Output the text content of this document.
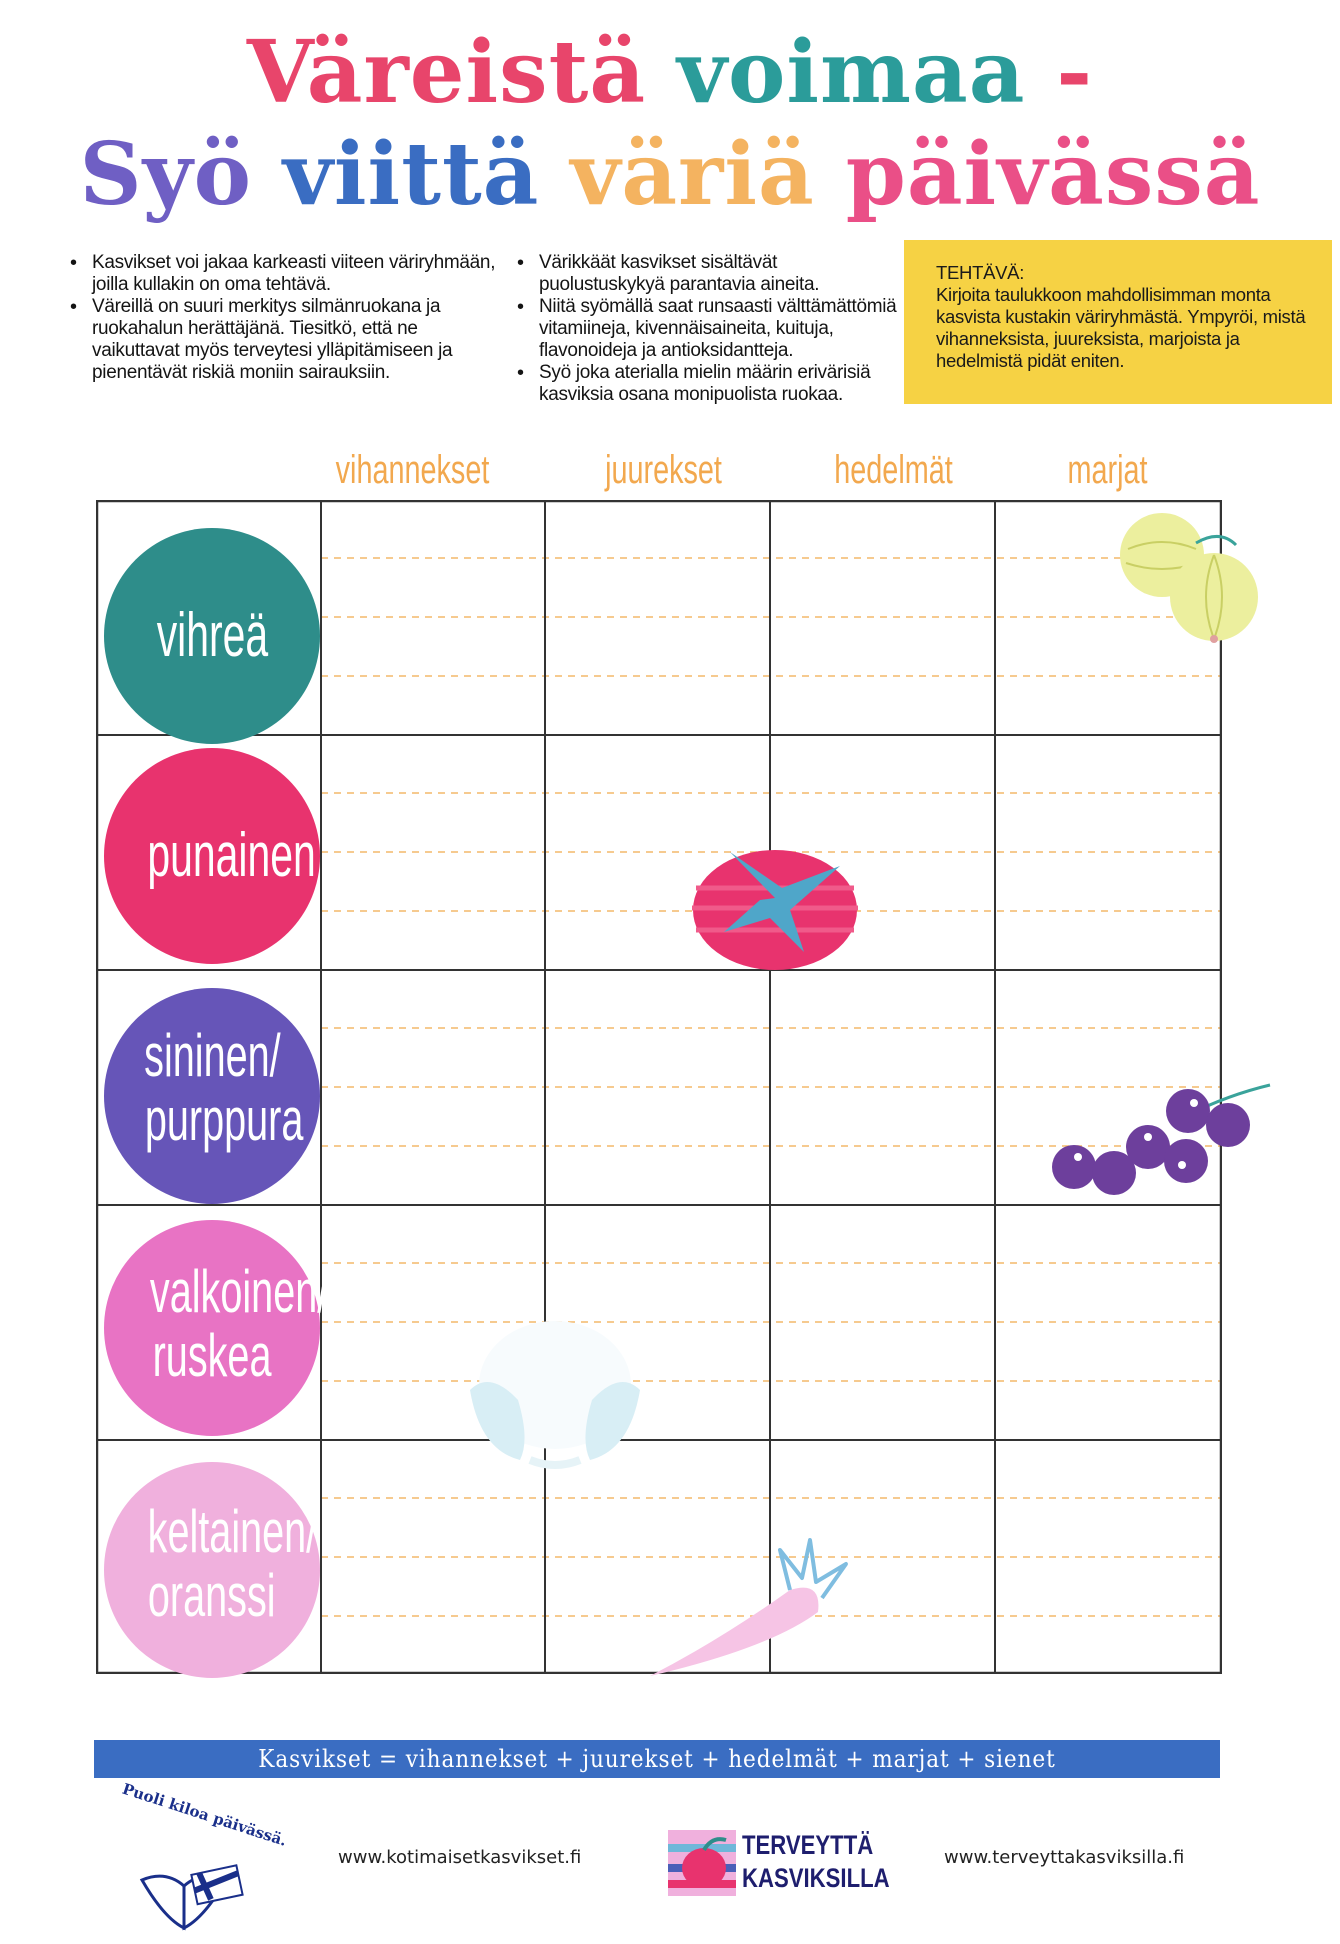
Väreistä voimaa -
Syö viittä väriä päivässä
• Kasvikset voi jakaa karkeasti viiteen väriryhmään, joilla kullakin on oma tehtävä.
• Väreillä on suuri merkitys silmänruokana ja ruokahalun herättäjänä. Tiesitkö, että ne vaikuttavat myös terveytesi ylläpitämiseen ja pienentävät riskiä moniin sairauksiin.
• Värikkäät kasvikset sisältävät puolustuskykyä parantavia aineita.
• Niitä syömällä saat runsaasti välttämättömiä vitamiineja, kivennäisaineita, kuituja, flavonoideja ja antioksidantteja.
• Syö joka aterialla mielin määrin erivärisiä kasviksia osana monipuolista ruokaa.
TEHTÄVÄ:
Kirjoita taulukkoon mahdollisimman monta kasvista kustakin väriryhmästä. Ympyröi, mistä vihanneksista, juureksista, marjoista ja hedelmistä pidät eniten.
vihannekset	juurekset	hedelmät	marjat
vihreä
punainen
sininen/
purppura
valkoinen/
ruskea
keltainen/
oranssi
Kasvikset = vihannekset + juurekset + hedelmät + marjat + sienet
Puoli kiloa päivässä.
www.kotimaisetkasvikset.fi	TERVEYTTÄ
KASVIKSILLA
www.terveyttakasviksilla.fi
